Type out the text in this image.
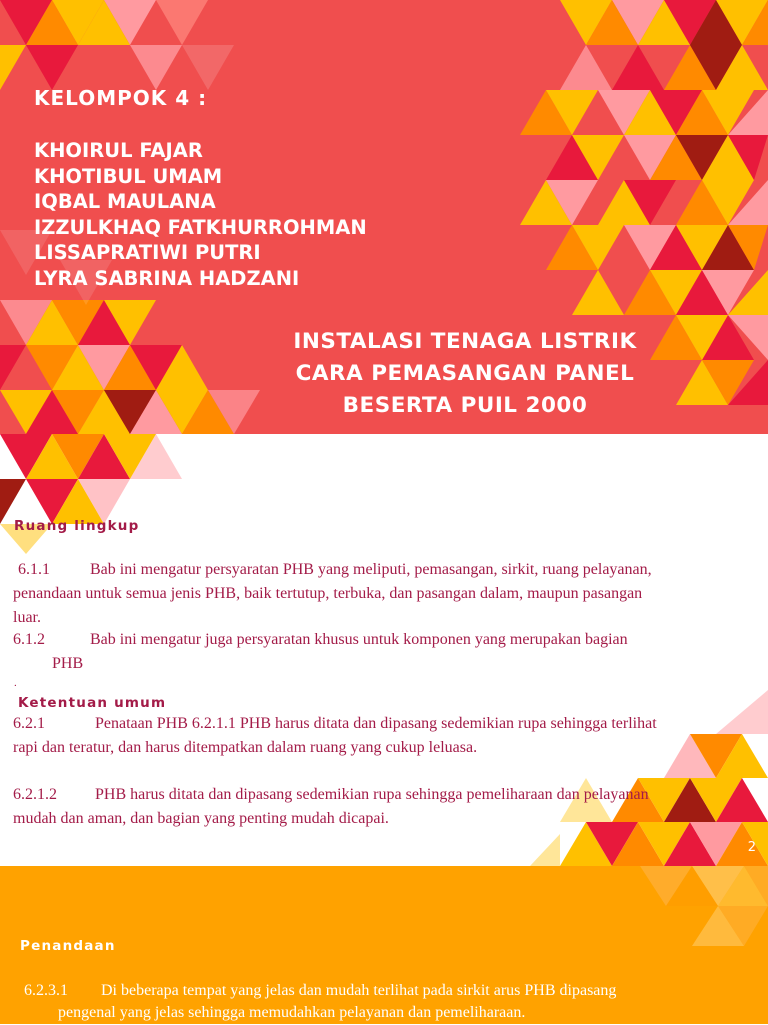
KELOMPOK 4 :
KHOIRUL FAJAR
KHOTIBUL UMAM
IQBAL MAULANA
IZZULKHAQ FATKHURROHMAN
LISSAPRATIWI PUTRI
LYRA SABRINA HADZANI
INSTALASI TENAGA LISTRIK
CARA PEMASANGAN PANEL
BESERTA PUIL 2000
Ruang lingkup
6.1.1	Bab ini mengatur persyaratan PHB yang meliputi, pemasangan, sirkit, ruang pelayanan,
penandaan untuk semua jenis PHB, baik tertutup, terbuka, dan pasangan dalam, maupun pasangan
luar.
6.1.2	Bab ini mengatur juga persyaratan khusus untuk komponen yang merupakan bagian
PHB
.
Ketentuan umum
6.2.1	Penataan PHB 6.2.1.1 PHB harus ditata dan dipasang sedemikian rupa sehingga terlihat
rapi dan teratur, dan harus ditempatkan dalam ruang yang cukup leluasa.
6.2.1.2 PHB harus ditata dan dipasang sedemikian rupa sehingga pemeliharaan dan pelayanan
mudah dan aman, dan bagian yang penting mudah dicapai.
2
Penandaan
6.2.3.1 Di beberapa tempat yang jelas dan mudah terlihat pada sirkit arus PHB dipasang
pengenal yang jelas sehingga memudahkan pelayanan dan pemeliharaan.
